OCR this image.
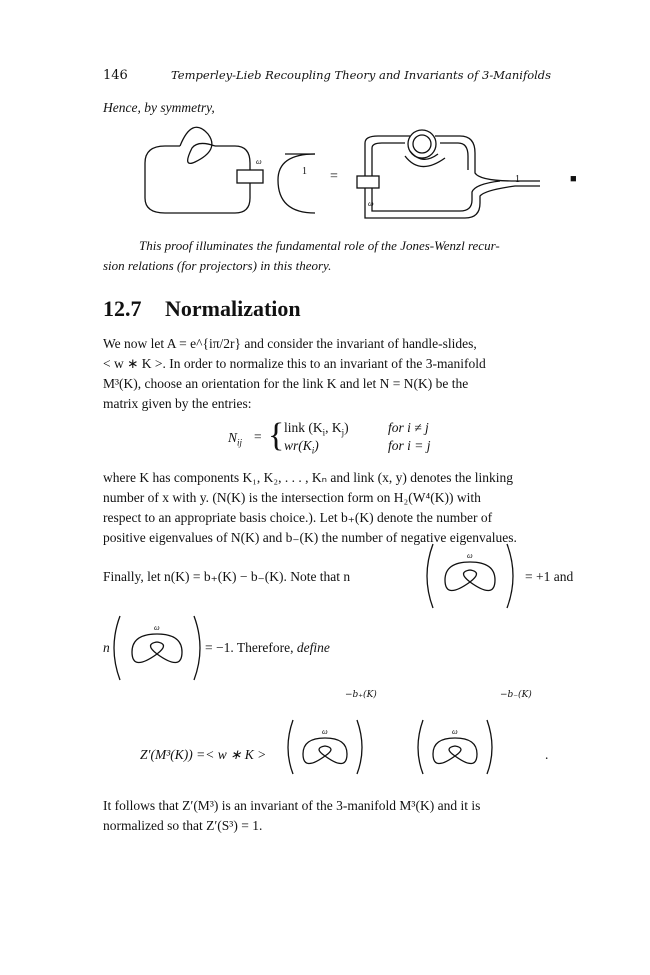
146	Temperley-Lieb Recoupling Theory and Invariants of 3-Manifolds
Hence, by symmetry,
ω
1 =
ω
1	■
This proof illuminates the fundamental role of the Jones-Wenzl recur-
sion relations (for projectors) in this theory.
12.7 Normalization
We now let A = e^{iπ/2r} and consider the invariant of handle-slides,
< w ∗ K >. In order to normalize this to an invariant of the 3-manifold
M³(K), choose an orientation for the link K and let N = N(K) be the
matrix given by the entries:
$N_{ij}$ = { link ($K_i$, $K_j$)	for i ≠ j
$wr(K_i)$	for i = j
where K has components K₁, K₂, . . . , Kₙ and link (x, y) denotes the linking
number of x with y. (N(K) is the intersection form on H₂(W⁴(K)) with
respect to an appropriate basis choice.). Let b₊(K) denote the number of
positive eigenvalues of N(K) and b₋(K) the number of negative eigenvalues.
Finally, let n(K) = b₊(K) − b₋(K). Note that n
ω
= +1 and
n
ω
= −1. Therefore, define
Z′(M³(K)) =< w ∗ K >
ω
−b₊(K)
ω
−b₋(K)
.
It follows that Z′(M³) is an invariant of the 3-manifold M³(K) and it is
normalized so that Z′(S³) = 1.
